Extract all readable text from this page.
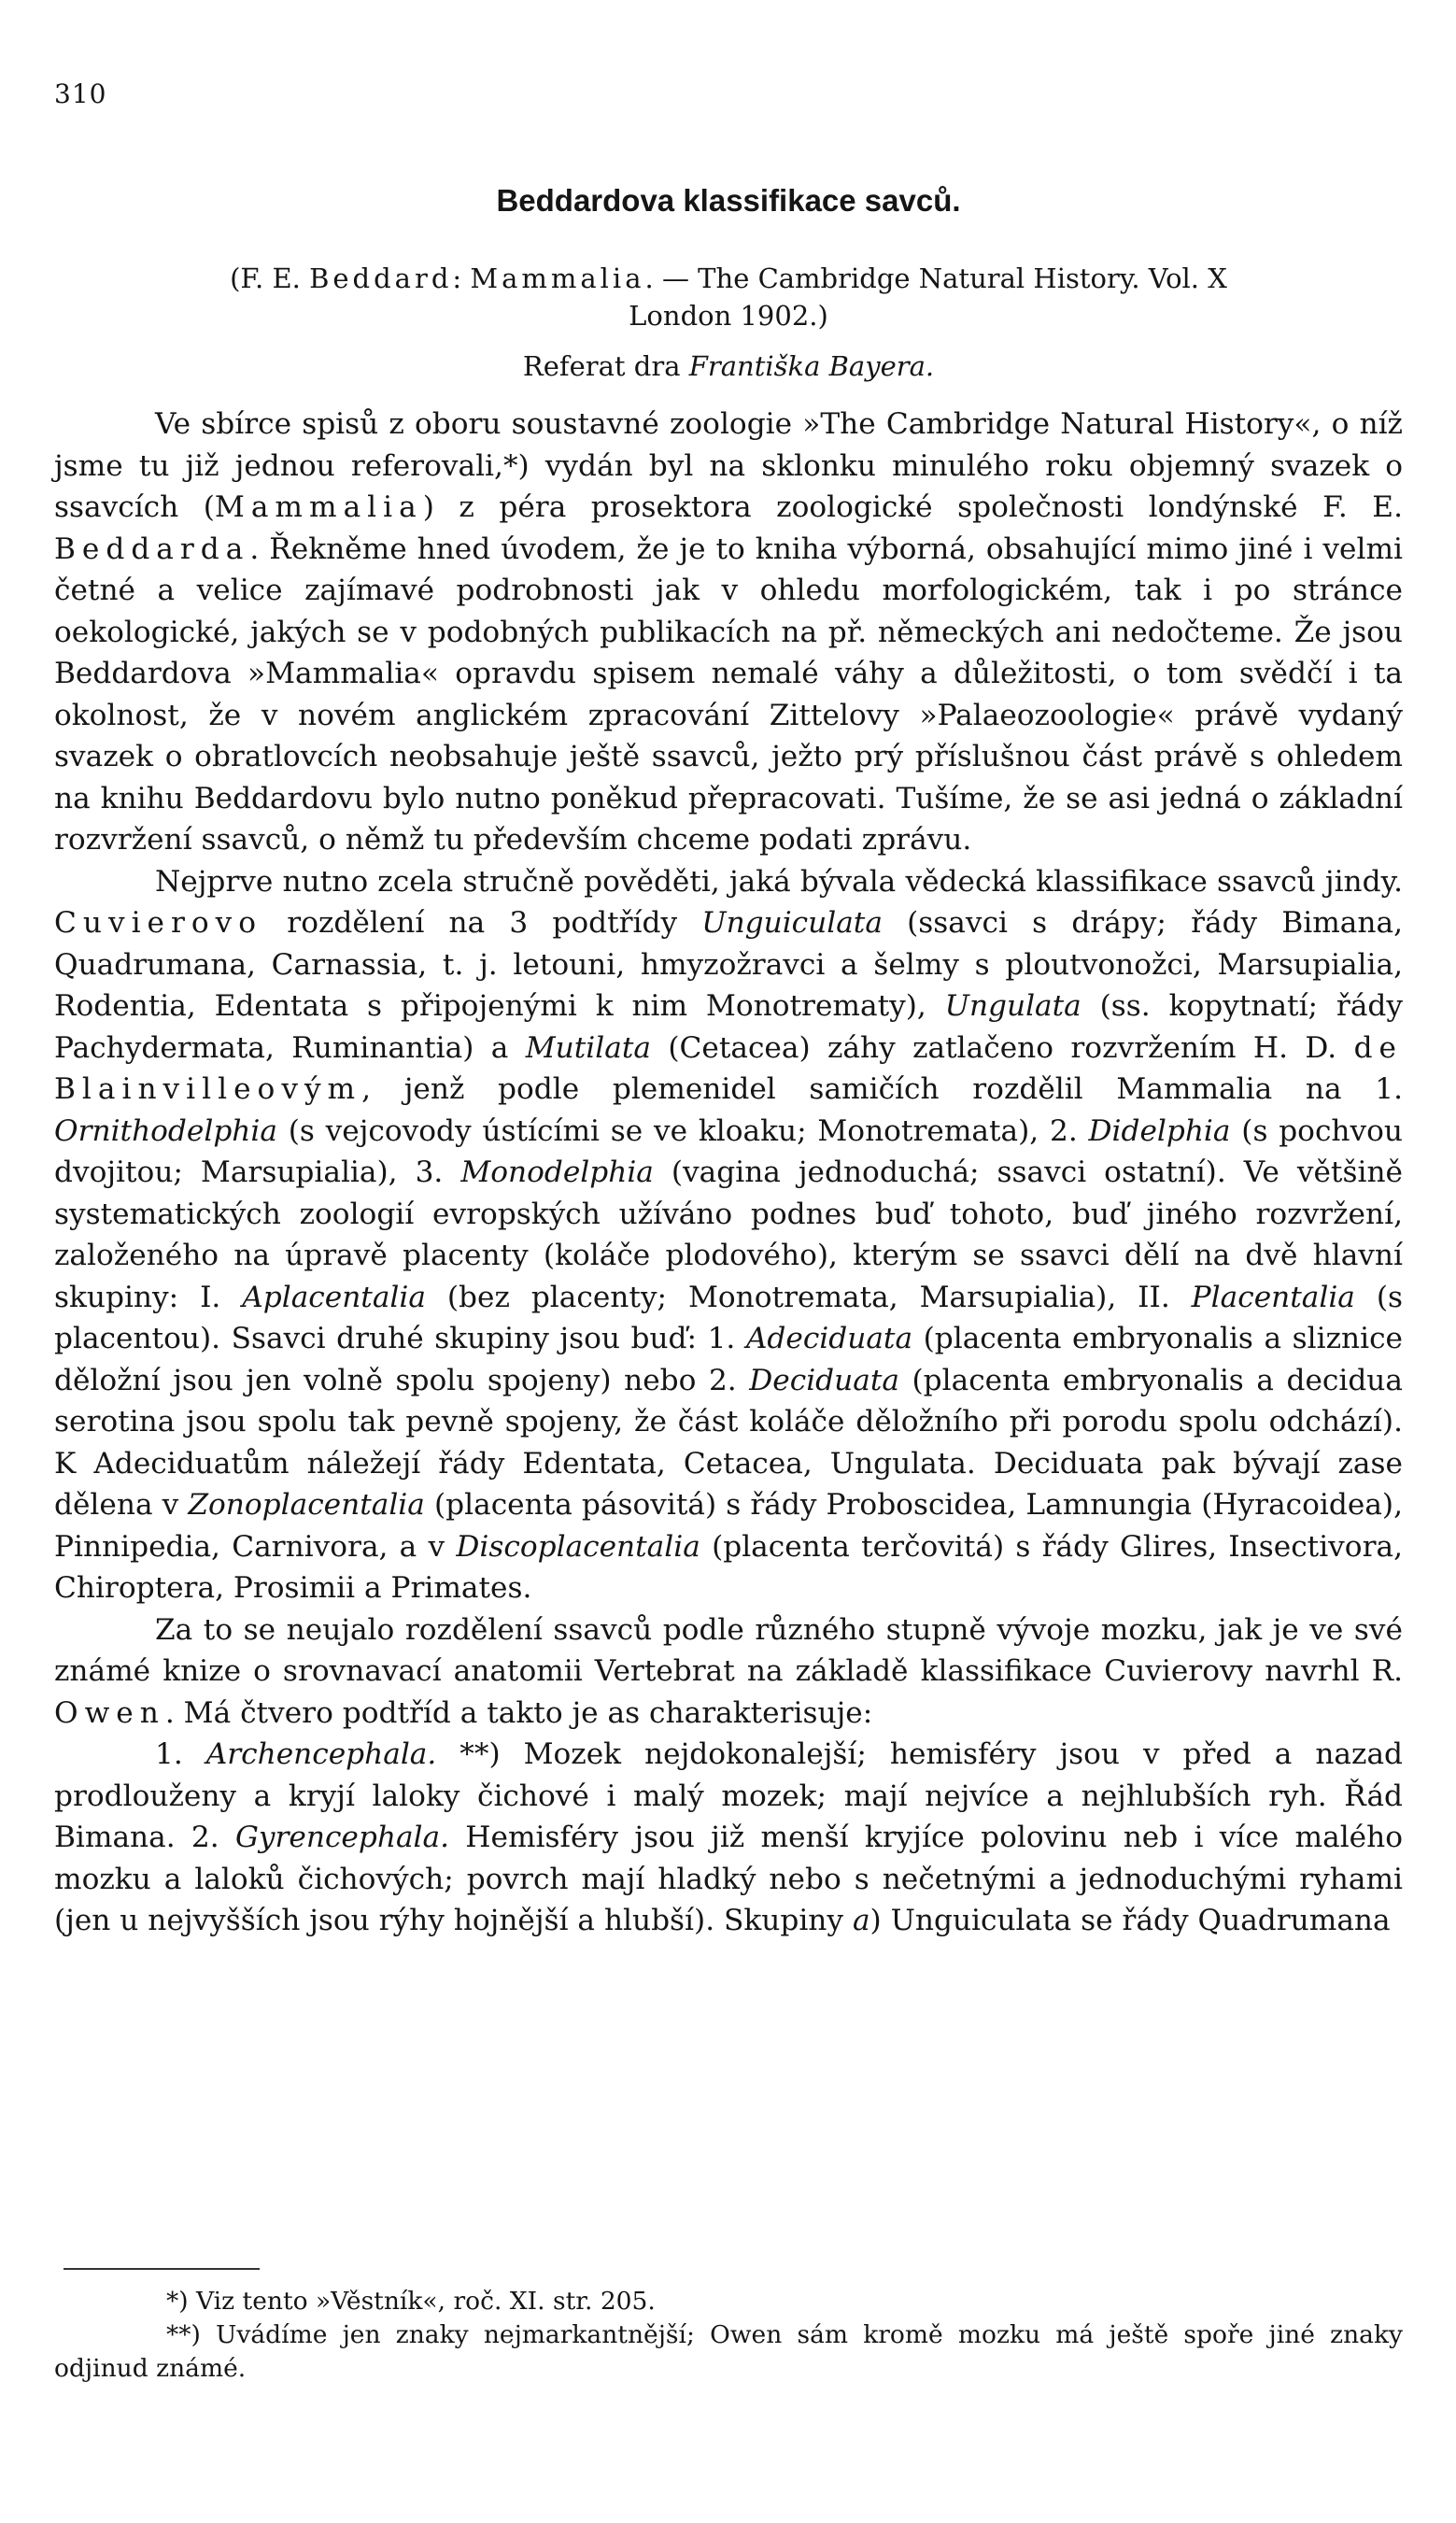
310
Beddardova klassifikace savců.

(F. E. Beddard: Mammalia. — The Cambridge Natural History. Vol. X
London 1902.)

Referat dra Františka Bayera.

Ve sbírce spisů z oboru soustavné zoologie »The Cambridge Natural History«, o níž jsme tu již jednou referovali,*) vydán byl na sklonku minulého roku objemný svazek o ssavcích (Mammalia) z péra prosektora zoologické společnosti londýnské F. E. Beddarda. Řekněme hned úvodem, že je to kniha výborná, obsahující mimo jiné i velmi četné a velice zajímavé podrobnosti jak v ohledu morfologickém, tak i po stránce oekologické, jakých se v podobných publikacích na př. německých ani nedočteme. Že jsou Beddardova »Mammalia« opravdu spisem nemalé váhy a důležitosti, o tom svědčí i ta okolnost, že v novém anglickém zpracování Zittelovy »Palaeozoologie« právě vydaný svazek o obratlovcích neobsahuje ještě ssavců, ježto prý příslušnou část právě s ohledem na knihu Beddardovu bylo nutno poněkud přepracovati. Tušíme, že se asi jedná o základní rozvržení ssavců, o němž tu především chceme podati zprávu.

Nejprve nutno zcela stručně pověděti, jaká bývala vědecká klassifikace ssavců jindy. Cuvierovo rozdělení na 3 podtřídy Unguiculata (ssavci s drápy; řády Bimana, Quadrumana, Carnassia, t. j. letouni, hmyzožravci a šelmy s ploutvonožci, Marsupialia, Rodentia, Edentata s připojenými k nim Monotrematy), Ungulata (ss. kopytnatí; řády Pachydermata, Ruminantia) a Mutilata (Cetacea) záhy zatlačeno rozvržením H. D. de Blainvilleovým, jenž podle plemenidel samičích rozdělil Mammalia na 1. Ornithodelphia (s vejcovody ústícími se ve kloaku; Monotremata), 2. Didelphia (s pochvou dvojitou; Marsupialia), 3. Monodelphia (vagina jednoduchá; ssavci ostatní). Ve většině systematických zoologií evropských užíváno podnes buď tohoto, buď jiného rozvržení, založeného na úpravě placenty (koláče plodového), kterým se ssavci dělí na dvě hlavní skupiny: I. Aplacentalia (bez placenty; Monotremata, Marsupialia), II. Placentalia (s placentou). Ssavci druhé skupiny jsou buď: 1. Adeciduata (placenta embryonalis a sliznice děložní jsou jen volně spolu spojeny) nebo 2. Deciduata (placenta embryonalis a decidua serotina jsou spolu tak pevně spojeny, že část koláče děložního při porodu spolu odchází). K Adeciduatům náležejí řády Edentata, Cetacea, Ungulata. Deciduata pak bývají zase dělena v Zonoplacentalia (placenta pásovitá) s řády Proboscidea, Lamnungia (Hyracoidea), Pinnipedia, Carnivora, a v Discoplacentalia (placenta terčovitá) s řády Glires, Insectivora, Chiroptera, Prosimii a Primates.

Za to se neujalo rozdělení ssavců podle různého stupně vývoje mozku, jak je ve své známé knize o srovnavací anatomii Vertebrat na základě klassifikace Cuvierovy navrhl R. Owen. Má čtvero podtříd a takto je as charakterisuje:

1. Archencephala. **) Mozek nejdokonalejší; hemisféry jsou v před a nazad prodlouženy a kryjí laloky čichové i malý mozek; mají nejvíce a nejhlubších ryh. Řád Bimana. 2. Gyrencephala. Hemisféry jsou již menší kryjíce polovinu neb i více malého mozku a laloků čichových; povrch mají hladký nebo s nečetnými a jednoduchými ryhami (jen u nejvyšších jsou rýhy hojnější a hlubší). Skupiny a) Unguiculata se řády Quadrumana

*) Viz tento »Věstník«, roč. XI. str. 205.

**) Uvádíme jen znaky nejmarkantnější; Owen sám kromě mozku má ještě spoře jiné znaky odjinud známé.
